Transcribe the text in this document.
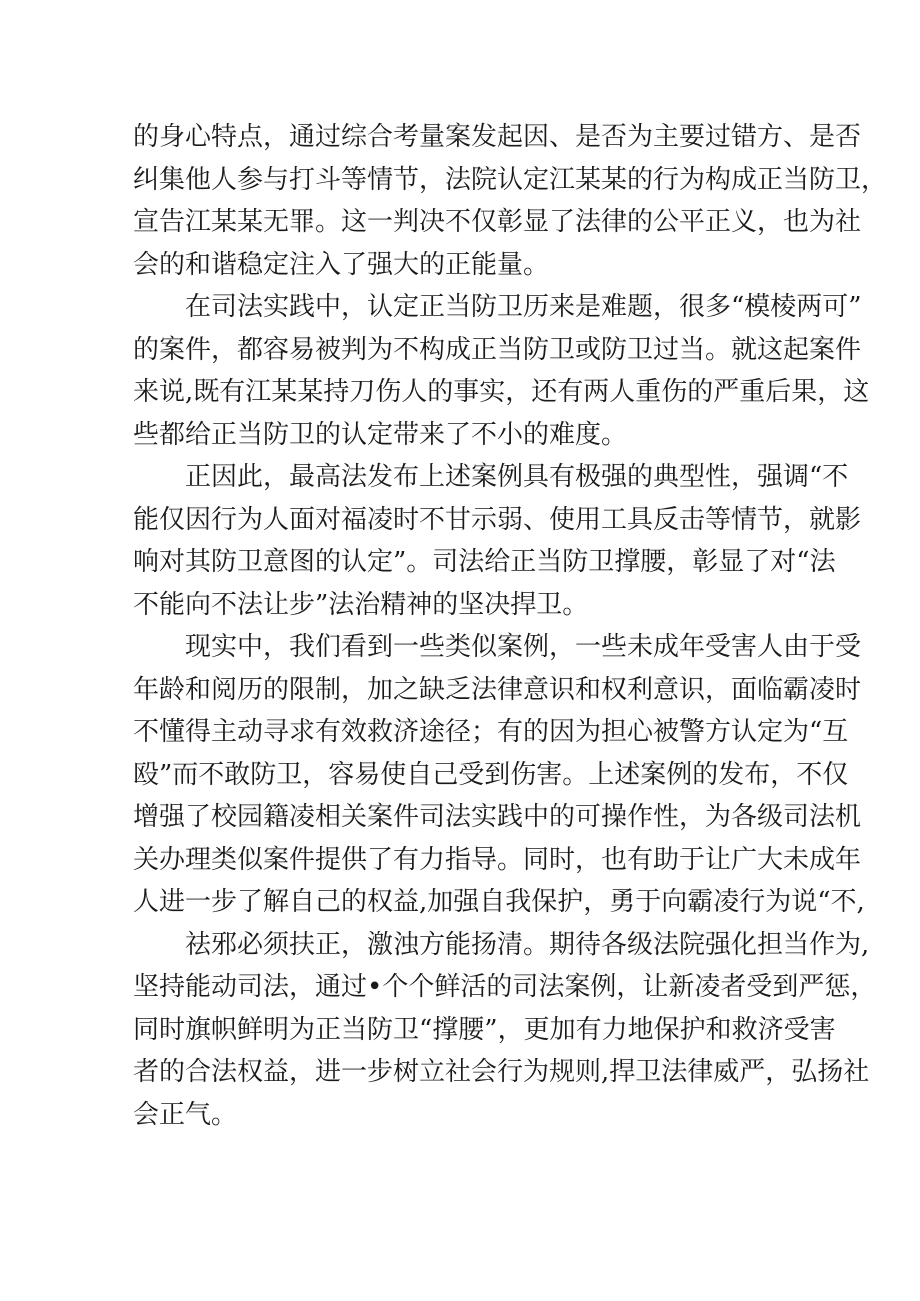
的身心特点，通过综合考量案发起因、是否为主要过错方、是否
纠集他人参与打斗等情节，法院认定江某某的行为构成正当防卫，
宣告江某某无罪。这一判决不仅彰显了法律的公平正义，也为社
会的和谐稳定注入了强大的正能量。
在司法实践中，认定正当防卫历来是难题，很多“模棱两可”
的案件，都容易被判为不构成正当防卫或防卫过当。就这起案件
来说,既有江某某持刀伤人的事实，还有两人重伤的严重后果，这
些都给正当防卫的认定带来了不小的难度。
正因此，最高法发布上述案例具有极强的典型性，强调“不
能仅因行为人面对福凌时不甘示弱、使用工具反击等情节，就影
响对其防卫意图的认定”。司法给正当防卫撑腰，彰显了对“法
不能向不法让步”法治精神的坚决捍卫。
现实中，我们看到一些类似案例，一些未成年受害人由于受
年龄和阅历的限制，加之缺乏法律意识和权利意识，面临霸凌时
不懂得主动寻求有效救济途径；有的因为担心被警方认定为“互
殴”而不敢防卫，容易使自己受到伤害。上述案例的发布，不仅
增强了校园籍凌相关案件司法实践中的可操作性，为各级司法机
关办理类似案件提供了有力指导。同时，也有助于让广大未成年
人进一步了解自己的权益,加强自我保护，勇于向霸凌行为说“不,
祛邪必须扶正，激浊方能扬清。期待各级法院强化担当作为,
坚持能动司法，通过•个个鲜活的司法案例，让新凌者受到严惩，
同时旗帜鲜明为正当防卫“撑腰”，更加有力地保护和救济受害
者的合法权益，进一步树立社会行为规则,捍卫法律威严，弘扬社
会正气。
